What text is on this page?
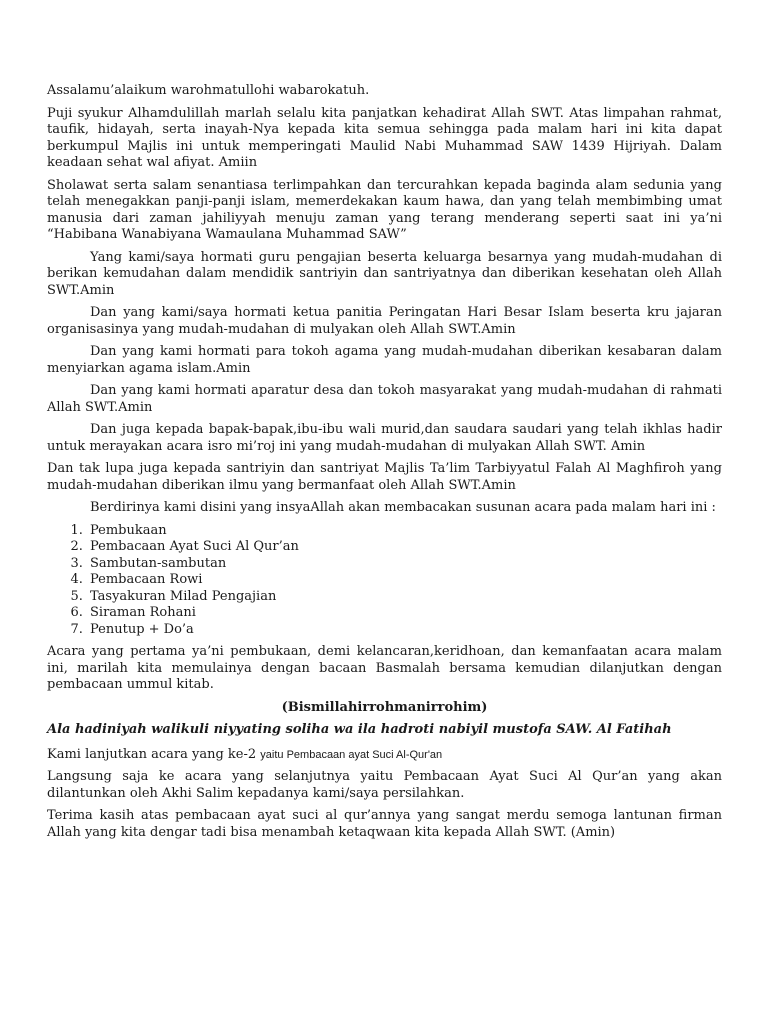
Assalamu’alaikum warohmatullohi wabarokatuh.

Puji syukur Alhamdulillah marlah selalu kita panjatkan kehadirat Allah SWT. Atas limpahan rahmat, taufik, hidayah, serta inayah-Nya kepada kita semua sehingga pada malam hari ini kita dapat berkumpul Majlis ini untuk memperingati Maulid Nabi Muhammad SAW 1439 Hijriyah. Dalam keadaan sehat wal afiyat. Amiin

Sholawat serta salam senantiasa terlimpahkan dan tercurahkan kepada baginda alam sedunia yang telah menegakkan panji-panji islam, memerdekakan kaum hawa, dan yang telah membimbing umat manusia dari zaman jahiliyyah menuju zaman yang terang menderang seperti saat ini ya’ni “Habibana Wanabiyana Wamaulana Muhammad SAW”

Yang kami/saya hormati guru pengajian beserta keluarga besarnya yang mudah-mudahan di berikan kemudahan dalam mendidik santriyin dan santriyatnya dan diberikan kesehatan oleh Allah SWT.Amin

Dan yang kami/saya hormati ketua panitia Peringatan Hari Besar Islam beserta kru jajaran organisasinya yang mudah-mudahan di mulyakan oleh Allah SWT.Amin

Dan yang kami hormati para tokoh agama yang mudah-mudahan diberikan kesabaran dalam menyiarkan agama islam.Amin

Dan yang kami hormati aparatur desa dan tokoh masyarakat yang mudah-mudahan di rahmati Allah SWT.Amin

Dan juga kepada bapak-bapak,ibu-ibu wali murid,dan saudara saudari yang telah ikhlas hadir untuk merayakan acara isro mi’roj ini yang mudah-mudahan di mulyakan Allah SWT. Amin

Dan tak lupa juga kepada santriyin dan santriyat Majlis Ta’lim Tarbiyyatul Falah Al Maghfiroh yang mudah-mudahan diberikan ilmu yang bermanfaat oleh Allah SWT.Amin

Berdirinya kami disini yang insyaAllah akan membacakan susunan acara pada malam hari ini :

1. Pembukaan
2. Pembacaan Ayat Suci Al Qur’an
3. Sambutan-sambutan
4. Pembacaan Rowi
5. Tasyakuran Milad Pengajian
6. Siraman Rohani
7. Penutup + Do’a

Acara yang pertama ya’ni pembukaan, demi kelancaran,keridhoan, dan kemanfaatan acara malam ini, marilah kita memulainya dengan bacaan Basmalah bersama kemudian dilanjutkan dengan pembacaan ummul kitab.

(Bismillahirrohmanirrohim)

Ala hadiniyah walikuli niyyating soliha wa ila hadroti nabiyil mustofa SAW. Al Fatihah

Kami lanjutkan acara yang ke-2 yaitu Pembacaan ayat Suci Al-Qur'an

Langsung saja ke acara yang selanjutnya yaitu Pembacaan Ayat Suci Al Qur’an yang akan dilantunkan oleh Akhi Salim kepadanya kami/saya persilahkan.

Terima kasih atas pembacaan ayat suci al qur’annya yang sangat merdu semoga lantunan firman Allah yang kita dengar tadi bisa menambah ketaqwaan kita kepada Allah SWT. (Amin)
